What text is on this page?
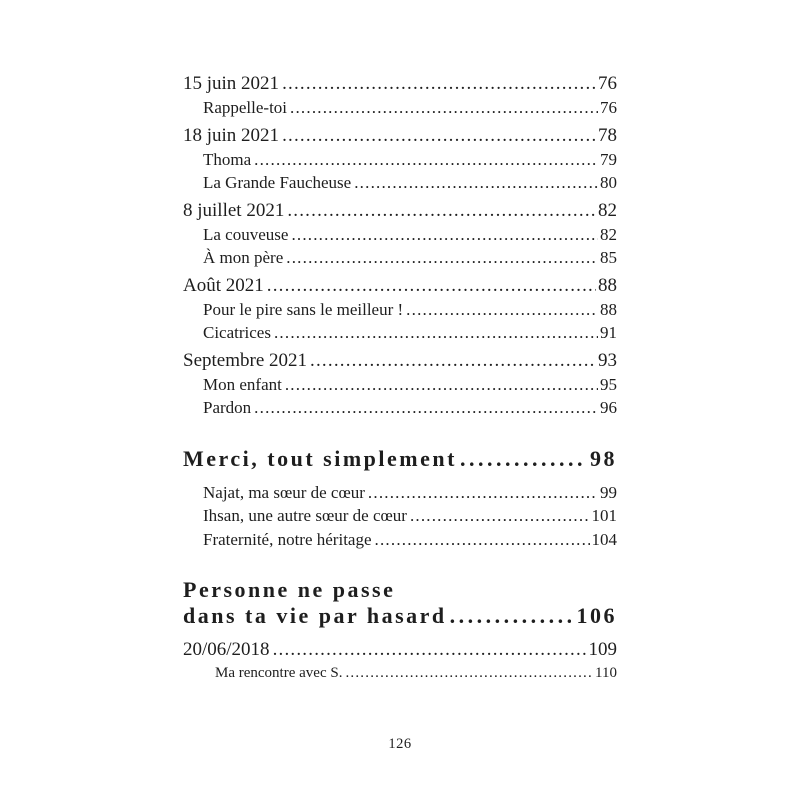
15 juin 2021 .....	76
Rappelle-toi .....	76
18 juin 2021 .....	78
Thoma .....	79
La Grande Faucheuse .....	80
8 juillet 2021 .....	82
La couveuse .....	82
À mon père .....	85
Août 2021 .....	88
Pour le pire sans le meilleur ! .....	88
Cicatrices .....	91
Septembre 2021 .....	93
Mon enfant .....	95
Pardon .....	96
Merci, tout simplement .....	98
Najat, ma sœur de cœur .....	99
Ihsan, une autre sœur de cœur .....	101
Fraternité, notre héritage .....	104
Personne ne passe
dans ta vie par hasard .....	106
20/06/2018 .....	109
Ma rencontre avec S. .....	110
126
